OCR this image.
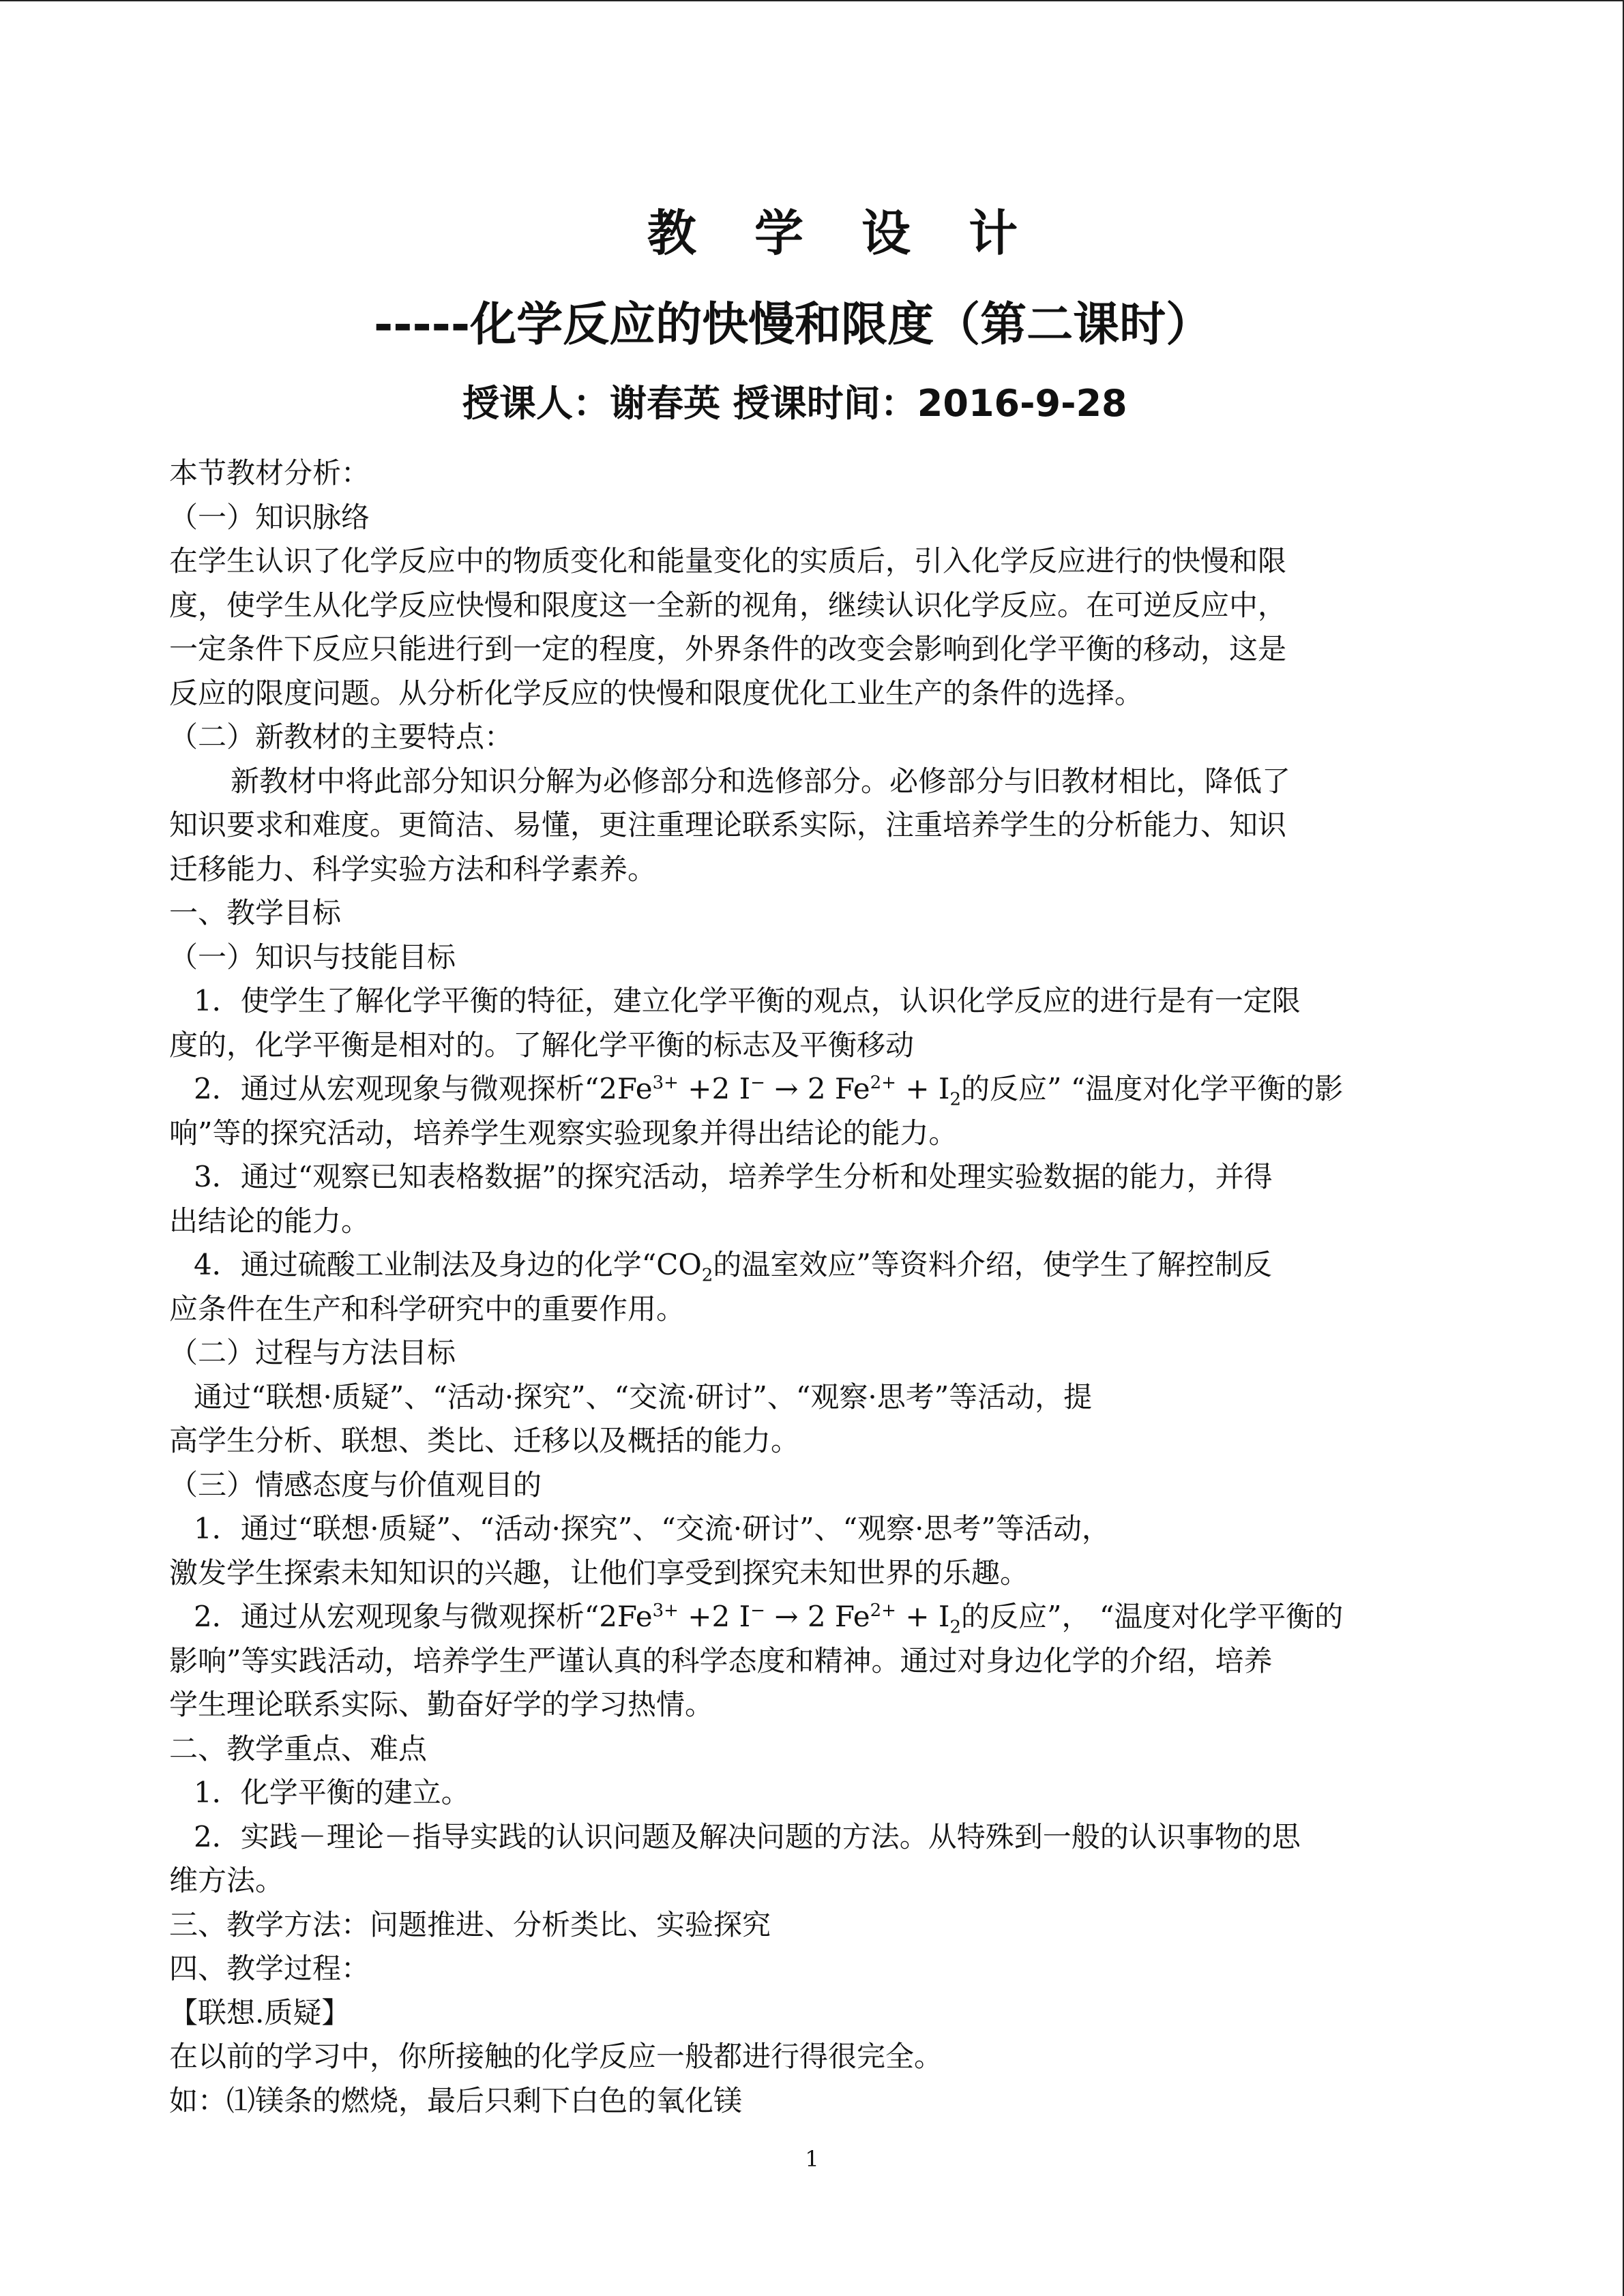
教 学 设 计
-----化学反应的快慢和限度（第二课时）
授课人：谢春英 授课时间：2016-9-28
本节教材分析：
（一）知识脉络
在学生认识了化学反应中的物质变化和能量变化的实质后，引入化学反应进行的快慢和限
度，使学生从化学反应快慢和限度这一全新的视角，继续认识化学反应。在可逆反应中，
一定条件下反应只能进行到一定的程度，外界条件的改变会影响到化学平衡的移动，这是
反应的限度问题。从分析化学反应的快慢和限度优化工业生产的条件的选择。
（二）新教材的主要特点：
新教材中将此部分知识分解为必修部分和选修部分。必修部分与旧教材相比，降低了
知识要求和难度。更简洁、易懂，更注重理论联系实际，注重培养学生的分析能力、知识
迁移能力、科学实验方法和科学素养。
一、教学目标
（一）知识与技能目标
1．使学生了解化学平衡的特征，建立化学平衡的观点，认识化学反应的进行是有一定限
度的，化学平衡是相对的。了解化学平衡的标志及平衡移动
2．通过从宏观现象与微观探析“$2Fe^{3+} +2$ I− → 2 $Fe^{2+} + I_2$的反应” “温度对化学平衡的影
响”等的探究活动，培养学生观察实验现象并得出结论的能力。
3．通过“观察已知表格数据”的探究活动，培养学生分析和处理实验数据的能力，并得
出结论的能力。
4．通过硫酸工业制法及身边的化学“$CO_2$的温室效应”等资料介绍，使学生了解控制反
应条件在生产和科学研究中的重要作用。
（二）过程与方法目标
通过“联想·质疑”、“活动·探究”、“交流·研讨”、“观察·思考”等活动，提
高学生分析、联想、类比、迁移以及概括的能力。
（三）情感态度与价值观目的
1．通过“联想·质疑”、“活动·探究”、“交流·研讨”、“观察·思考”等活动，
激发学生探索未知知识的兴趣，让他们享受到探究未知世界的乐趣。
2．通过从宏观现象与微观探析“$2Fe^{3+} +2$ I− → 2 $Fe^{2+} + I_2$的反应”， “温度对化学平衡的
影响”等实践活动，培养学生严谨认真的科学态度和精神。通过对身边化学的介绍，培养
学生理论联系实际、勤奋好学的学习热情。
二、教学重点、难点
1．化学平衡的建立。
2．实践－理论－指导实践的认识问题及解决问题的方法。从特殊到一般的认识事物的思
维方法。
三、教学方法：问题推进、分析类比、实验探究
四、教学过程：
【联想.质疑】
在以前的学习中，你所接触的化学反应一般都进行得很完全。
如：⑴镁条的燃烧，最后只剩下白色的氧化镁
1
